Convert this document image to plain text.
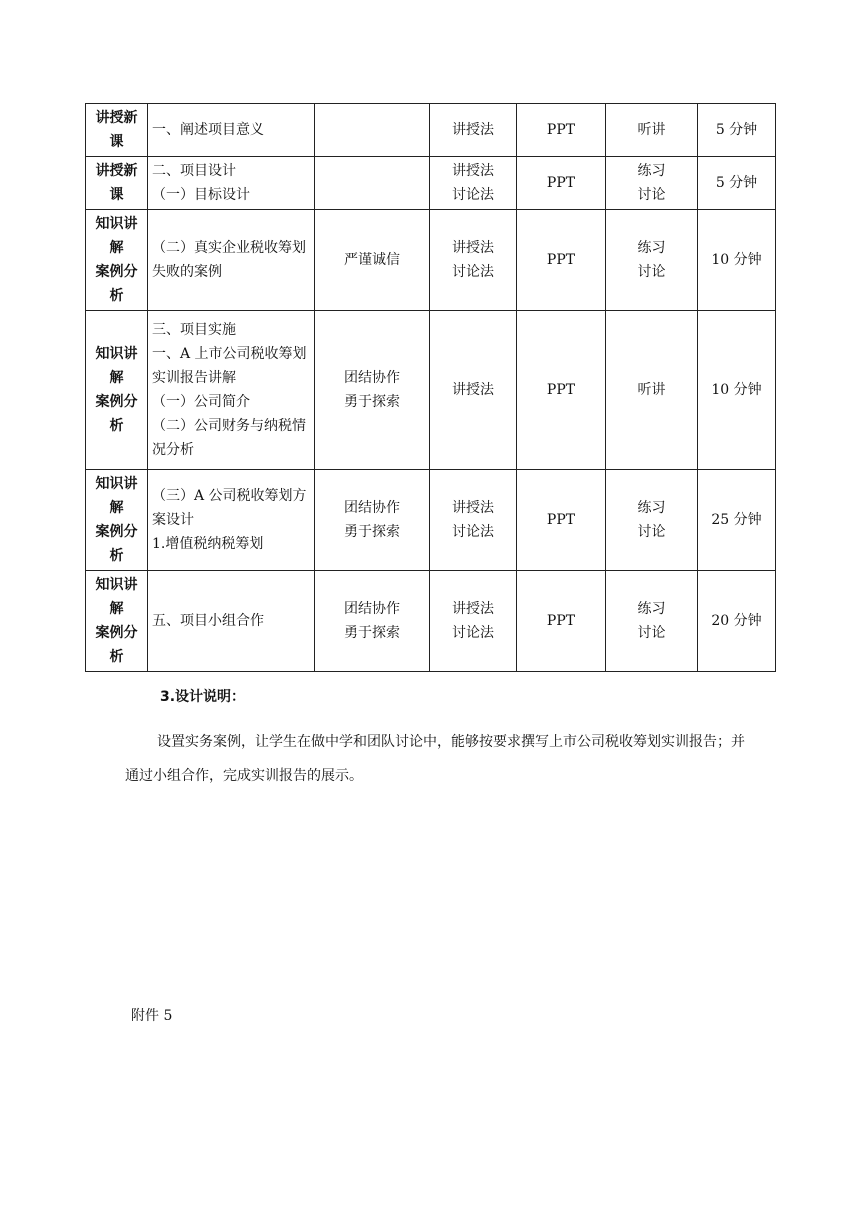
讲授新
课	一、阐述项目意义		讲授法	PPT	听讲	5 分钟
讲授新
课	二、项目设计
（一）目标设计		讲授法
讨论法	PPT	练习
讨论	5 分钟
知识讲
解
案例分
析	（二）真实企业税收筹划失败的案例	严谨诚信	讲授法
讨论法	PPT	练习
讨论	10 分钟
知识讲
解
案例分
析	三、项目实施
一、A 上市公司税收筹划实训报告讲解
（一）公司简介
（二）公司财务与纳税情况分析	团结协作
勇于探索	讲授法	PPT	听讲	10 分钟
知识讲
解
案例分
析	（三）A 公司税收筹划方案设计
1.增值税纳税筹划	团结协作
勇于探索	讲授法
讨论法	PPT	练习
讨论	25 分钟
知识讲
解
案例分
析	五、项目小组合作	团结协作
勇于探索	讲授法
讨论法	PPT	练习
讨论	20 分钟
3.设计说明：
设置实务案例，让学生在做中学和团队讨论中，能够按要求撰写上市公司税收筹划实训报告；并通过小组合作，完成实训报告的展示。
附件 5
